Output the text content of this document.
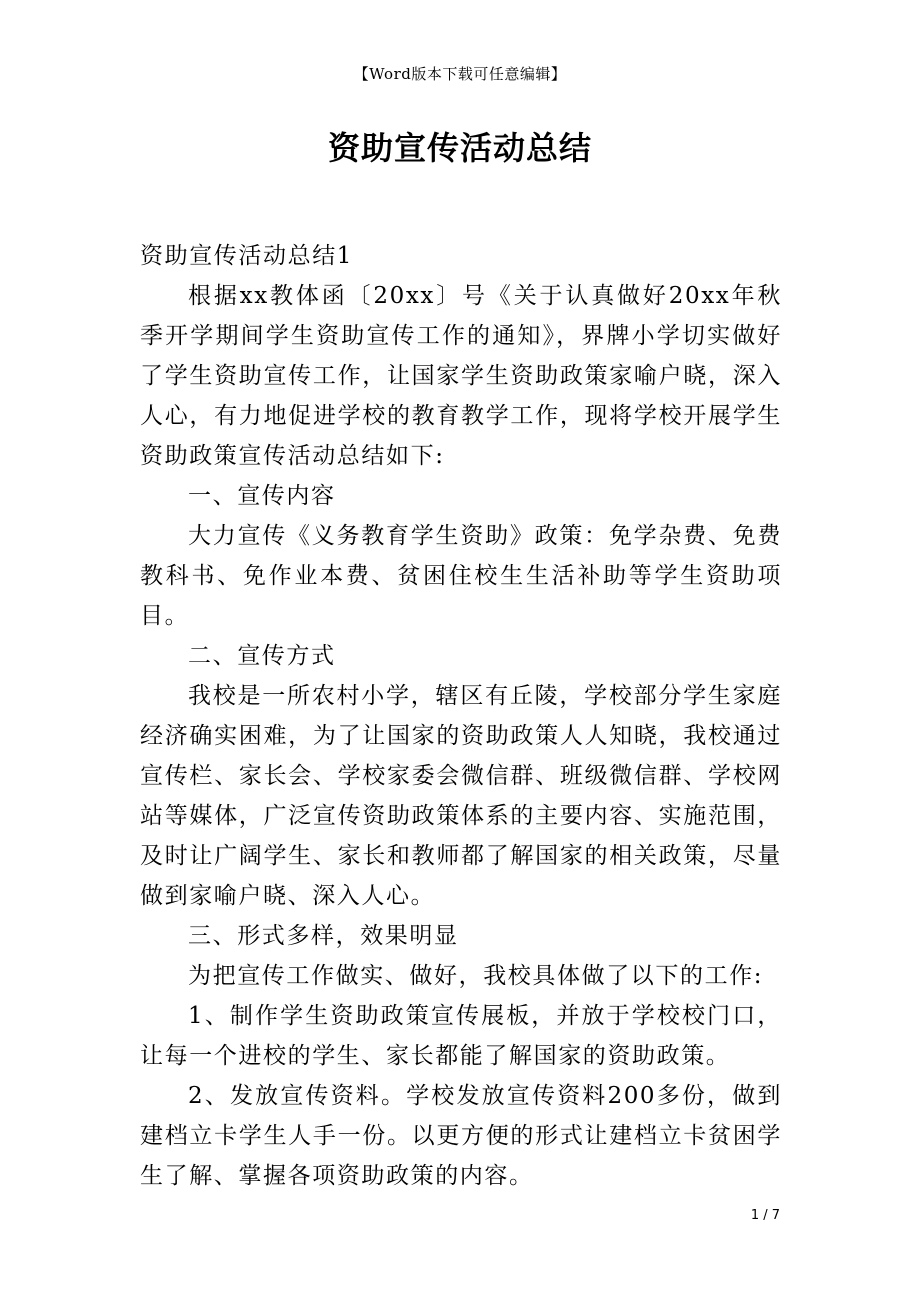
【Word版本下载可任意编辑】
资助宣传活动总结

资助宣传活动总结1

根据xx教体函〔20xx〕号《关于认真做好20xx年秋季开学期间学生资助宣传工作的通知》，界牌小学切实做好了学生资助宣传工作，让国家学生资助政策家喻户晓，深入人心，有力地促进学校的教育教学工作，现将学校开展学生资助政策宣传活动总结如下:

一、宣传内容

大力宣传《义务教育学生资助》政策：免学杂费、免费教科书、免作业本费、贫困住校生生活补助等学生资助项目。

二、宣传方式

我校是一所农村小学，辖区有丘陵，学校部分学生家庭经济确实困难，为了让国家的资助政策人人知晓，我校通过宣传栏、家长会、学校家委会微信群、班级微信群、学校网站等媒体，广泛宣传资助政策体系的主要内容、实施范围，及时让广阔学生、家长和教师都了解国家的相关政策，尽量做到家喻户晓、深入人心。

三、形式多样，效果明显

为把宣传工作做实、做好，我校具体做了以下的工作:

1、制作学生资助政策宣传展板，并放于学校校门口，让每一个进校的学生、家长都能了解国家的资助政策。

2、发放宣传资料。学校发放宣传资料200多份，做到建档立卡学生人手一份。以更方便的形式让建档立卡贫困学生了解、掌握各项资助政策的内容。

1 / 7
